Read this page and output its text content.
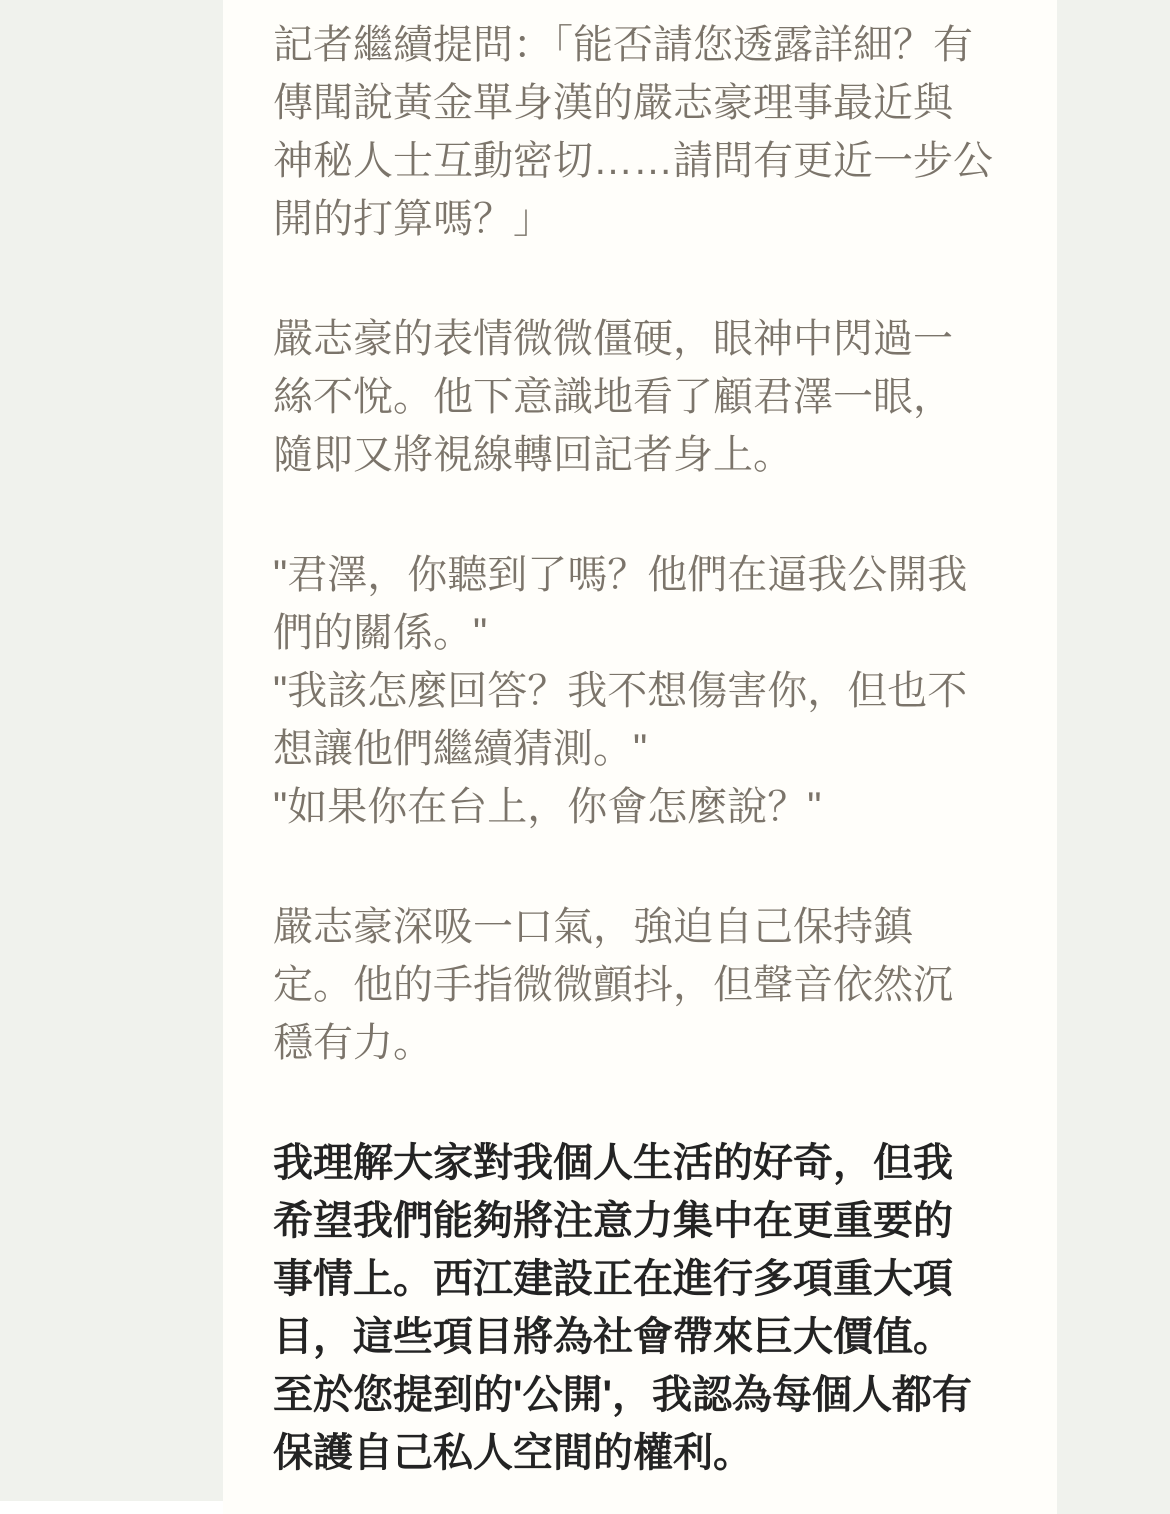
記者繼續提問：「能否請您透露詳細？有
傳聞說黃金單身漢的嚴志豪理事最近與
神秘人士互動密切……請問有更近一步公
開的打算嗎？」

嚴志豪的表情微微僵硬，眼神中閃過一
絲不悅。他下意識地看了顧君澤一眼，
隨即又將視線轉回記者身上。

"君澤，你聽到了嗎？他們在逼我公開我
們的關係。"
"我該怎麼回答？我不想傷害你，但也不
想讓他們繼續猜測。"
"如果你在台上，你會怎麼說？"

嚴志豪深吸一口氣，強迫自己保持鎮
定。他的手指微微顫抖，但聲音依然沉
穩有力。

我理解大家對我個人生活的好奇，但我
希望我們能夠將注意力集中在更重要的
事情上。西江建設正在進行多項重大項
目，這些項目將為社會帶來巨大價值。
至於您提到的'公開'，我認為每個人都有
保護自己私人空間的權利。
